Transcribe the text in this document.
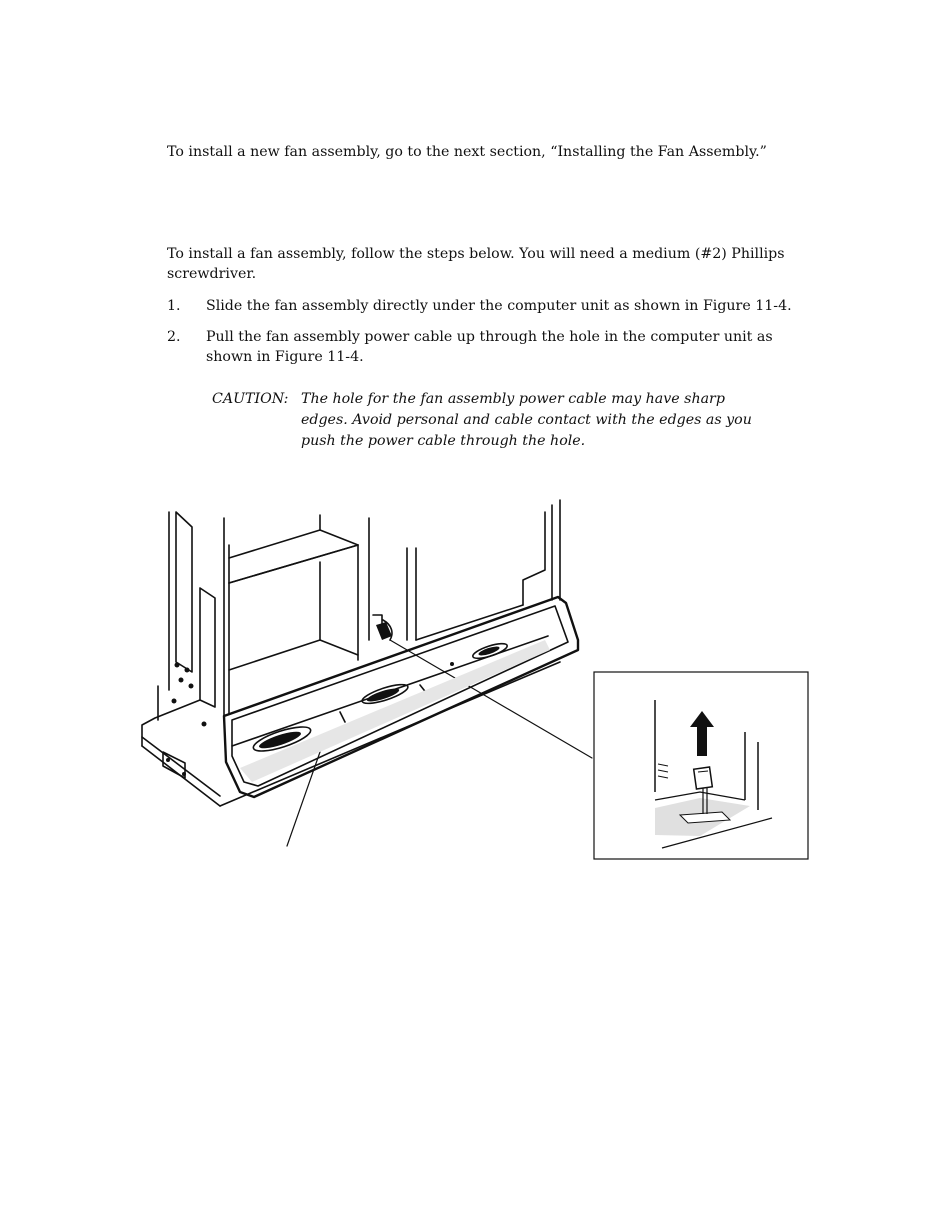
To install a new fan assembly, go to the next section, “Installing the Fan Assembly.”
To install a fan assembly, follow the steps below. You will need a medium (#2) Phillips screwdriver.
1. Slide the fan assembly directly under the computer unit as shown in Figure 11-4.
2. Pull the fan assembly power cable up through the hole in the computer unit as shown in Figure 11-4.
CAUTION: The hole for the fan assembly power cable may have sharp edges. Avoid personal and cable contact with the edges as you push the power cable through the hole.
